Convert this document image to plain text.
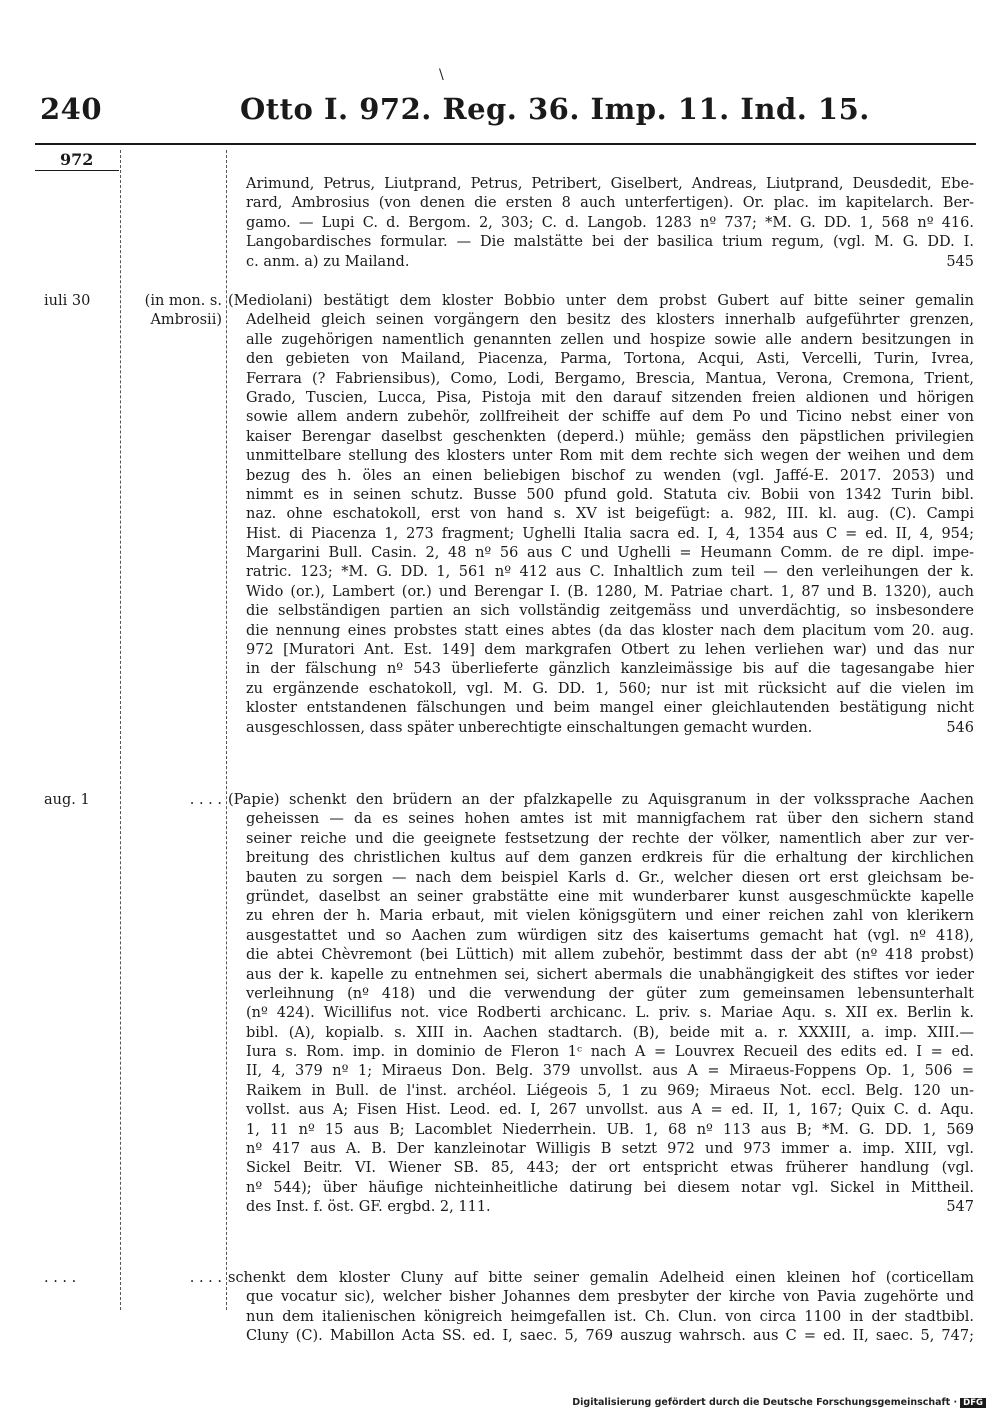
\
240	Otto I. 972. Reg. 36. Imp. 11. Ind. 15.
972
Arimund, Petrus, Liutprand, Petrus, Petribert, Giselbert, Andreas, Liutprand, Deusdedit, Ebe-
rard, Ambrosius (von denen die ersten 8 auch unterfertigen). Or. plac. im kapitelarch. Ber-
gamo. — Lupi C. d. Bergom. 2, 303; C. d. Langob. 1283 nº 737; *M. G. DD. 1, 568 nº 416.
Langobardisches formular. — Die malstätte bei der basilica trium regum, (vgl. M. G. DD. I.
c. anm. a) zu Mailand.	545
iuli 30	(in mon. s. Ambrosii)
(Mediolani) bestätigt dem kloster Bobbio unter dem probst Gubert auf bitte seiner gemalin
Adelheid gleich seinen vorgängern den besitz des klosters innerhalb aufgeführter grenzen,
alle zugehörigen namentlich genannten zellen und hospize sowie alle andern besitzungen in
den gebieten von Mailand, Piacenza, Parma, Tortona, Acqui, Asti, Vercelli, Turin, Ivrea,
Ferrara (? Fabriensibus), Como, Lodi, Bergamo, Brescia, Mantua, Verona, Cremona, Trient,
Grado, Tuscien, Lucca, Pisa, Pistoja mit den darauf sitzenden freien aldionen und hörigen
sowie allem andern zubehör, zollfreiheit der schiffe auf dem Po und Ticino nebst einer von
kaiser Berengar daselbst geschenkten (deperd.) mühle; gemäss den päpstlichen privilegien
unmittelbare stellung des klosters unter Rom mit dem rechte sich wegen der weihen und dem
bezug des h. öles an einen beliebigen bischof zu wenden (vgl. Jaffé-E. 2017. 2053) und
nimmt es in seinen schutz. Busse 500 pfund gold. Statuta civ. Bobii von 1342 Turin bibl.
naz. ohne eschatokoll, erst von hand s. XV ist beigefügt: a. 982, III. kl. aug. (C). Campi
Hist. di Piacenza 1, 273 fragment; Ughelli Italia sacra ed. I, 4, 1354 aus C = ed. II, 4, 954;
Margarini Bull. Casin. 2, 48 nº 56 aus C und Ughelli = Heumann Comm. de re dipl. impe-
ratric. 123; *M. G. DD. 1, 561 nº 412 aus C. Inhaltlich zum teil — den verleihungen der k.
Wido (or.), Lambert (or.) und Berengar I. (B. 1280, M. Patriae chart. 1, 87 und B. 1320), auch
die selbständigen partien an sich vollständig zeitgemäss und unverdächtig, so insbesondere
die nennung eines probstes statt eines abtes (da das kloster nach dem placitum vom 20. aug.
972 [Muratori Ant. Est. 149] dem markgrafen Otbert zu lehen verliehen war) und das nur
in der fälschung nº 543 überlieferte gänzlich kanzleimässige bis auf die tagesangabe hier
zu ergänzende eschatokoll, vgl. M. G. DD. 1, 560; nur ist mit rücksicht auf die vielen im
kloster entstandenen fälschungen und beim mangel einer gleichlautenden bestätigung nicht
ausgeschlossen, dass später unberechtigte einschaltungen gemacht wurden.	546
aug. 1	. . . . (Papie) schenkt den brüdern an der pfalzkapelle zu Aquisgranum in der volkssprache Aachen
geheissen — da es seines hohen amtes ist mit mannigfachem rat über den sichern stand
seiner reiche und die geeignete festsetzung der rechte der völker, namentlich aber zur ver-
breitung des christlichen kultus auf dem ganzen erdkreis für die erhaltung der kirchlichen
bauten zu sorgen — nach dem beispiel Karls d. Gr., welcher diesen ort erst gleichsam be-
gründet, daselbst an seiner grabstätte eine mit wunderbarer kunst ausgeschmückte kapelle
zu ehren der h. Maria erbaut, mit vielen königsgütern und einer reichen zahl von klerikern
ausgestattet und so Aachen zum würdigen sitz des kaisertums gemacht hat (vgl. nº 418),
die abtei Chèvremont (bei Lüttich) mit allem zubehör, bestimmt dass der abt (nº 418 probst)
aus der k. kapelle zu entnehmen sei, sichert abermals die unabhängigkeit des stiftes vor ieder
verleihnung (nº 418) und die verwendung der güter zum gemeinsamen lebensunterhalt
(nº 424). Wicillifus not. vice Rodberti archicanc. L. priv. s. Mariae Aqu. s. XII ex. Berlin k.
bibl. (A), kopialb. s. XIII in. Aachen stadtarch. (B), beide mit a. r. XXXIII, a. imp. XIII.—
Iura s. Rom. imp. in dominio de Fleron 1ᶜ nach A = Louvrex Recueil des edits ed. I = ed.
II, 4, 379 nº 1; Miraeus Don. Belg. 379 unvollst. aus A = Miraeus-Foppens Op. 1, 506 =
Raikem in Bull. de l'inst. archéol. Liégeois 5, 1 zu 969; Miraeus Not. eccl. Belg. 120 un-
vollst. aus A; Fisen Hist. Leod. ed. I, 267 unvollst. aus A = ed. II, 1, 167; Quix C. d. Aqu.
1, 11 nº 15 aus B; Lacomblet Niederrhein. UB. 1, 68 nº 113 aus B; *M. G. DD. 1, 569
nº 417 aus A. B. Der kanzleinotar Willigis B setzt 972 und 973 immer a. imp. XIII, vgl.
Sickel Beitr. VI. Wiener SB. 85, 443; der ort entspricht etwas früherer handlung (vgl.
nº 544); über häufige nichteinheitliche datirung bei diesem notar vgl. Sickel in Mittheil.
des Inst. f. öst. GF. ergbd. 2, 111.	547
. . . .	. . . . schenkt dem kloster Cluny auf bitte seiner gemalin Adelheid einen kleinen hof (corticellam
que vocatur sic), welcher bisher Johannes dem presbyter der kirche von Pavia zugehörte und
nun dem italienischen königreich heimgefallen ist. Ch. Clun. von circa 1100 in der stadtbibl.
Cluny (C). Mabillon Acta SS. ed. I, saec. 5, 769 auszug wahrsch. aus C = ed. II, saec. 5, 747;
Digitalisierung gefördert durch die Deutsche Forschungsgemeinschaft · DFG
